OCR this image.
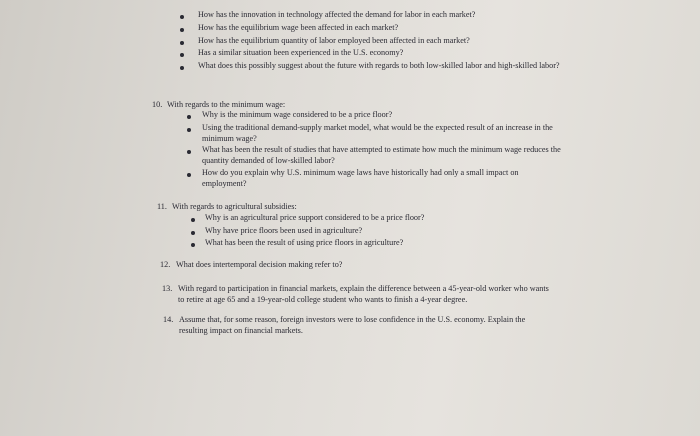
How has the innovation in technology affected the demand for labor in each market?
How has the equilibrium wage been affected in each market?
How has the equilibrium quantity of labor employed been affected in each market?
Has a similar situation been experienced in the U.S. economy?
What does this possibly suggest about the future with regards to both low-skilled labor and high-skilled labor?
10. With regards to the minimum wage:
Why is the minimum wage considered to be a price floor?
Using the traditional demand-supply market model, what would be the expected result of an increase in the minimum wage?
What has been the result of studies that have attempted to estimate how much the minimum wage reduces the quantity demanded of low-skilled labor?
How do you explain why U.S. minimum wage laws have historically had only a small impact on employment?
11. With regards to agricultural subsidies:
Why is an agricultural price support considered to be a price floor?
Why have price floors been used in agriculture?
What has been the result of using price floors in agriculture?
12. What does intertemporal decision making refer to?
13. With regard to participation in financial markets, explain the difference between a 45-year-old worker who wants to retire at age 65 and a 19-year-old college student who wants to finish a 4-year degree.
14. Assume that, for some reason, foreign investors were to lose confidence in the U.S. economy. Explain the resulting impact on financial markets.
